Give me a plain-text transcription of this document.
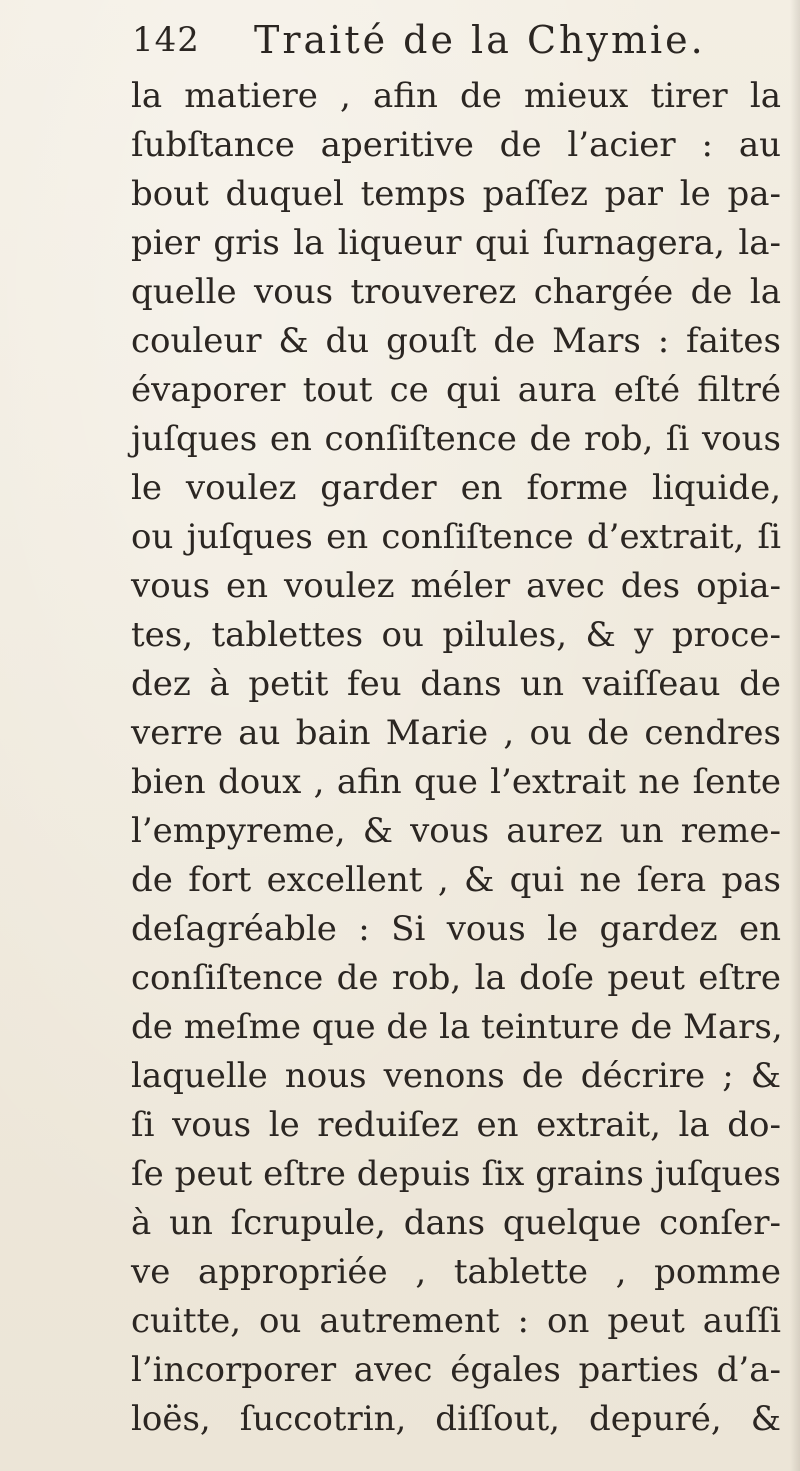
142 Traité de la Chymie.
la matiere , afin de mieux tirer la
ſubſtance aperitive de l’acier : au
bout duquel temps paſſez par le pa-
pier gris la liqueur qui ſurnagera, la-
quelle vous trouverez chargée de la
couleur & du gouſt de Mars : faites
évaporer tout ce qui aura eſté filtré
juſques en conſiſtence de rob, ſi vous
le voulez garder en forme liquide,
ou juſques en conſiſtence d’extrait, ſi
vous en voulez méler avec des opia-
tes, tablettes ou pilules, & y proce-
dez à petit feu dans un vaiſſeau de
verre au bain Marie , ou de cendres
bien doux , afin que l’extrait ne ſente
l’empyreme, & vous aurez un reme-
de fort excellent , & qui ne ſera pas
deſagréable : Si vous le gardez en
conſiſtence de rob, la doſe peut eſtre
de meſme que de la teinture de Mars,
laquelle nous venons de décrire ; &
ſi vous le reduiſez en extrait, la do-
ſe peut eſtre depuis ſix grains juſques
à un ſcrupule, dans quelque conſer-
ve appropriée , tablette , pomme
cuitte, ou autrement : on peut auſſi
l’incorporer avec égales parties d’a-
loës, ſuccotrin, diſſout, depuré, &
